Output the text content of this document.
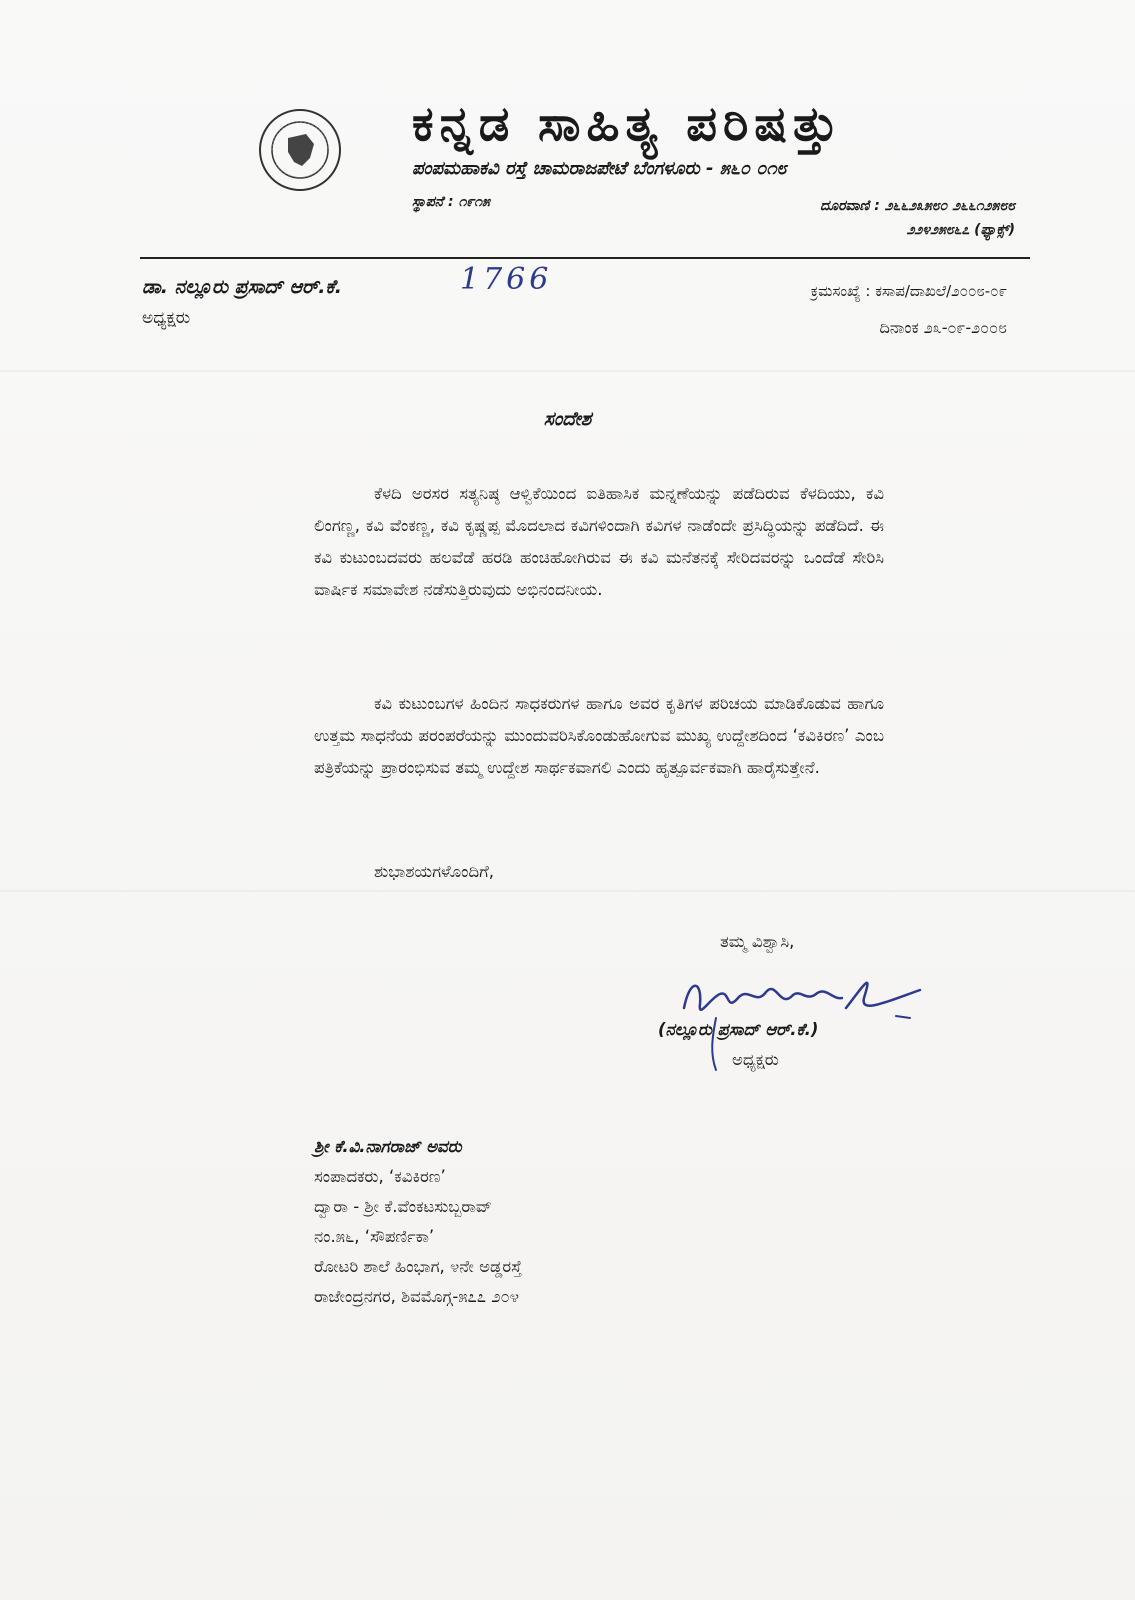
ಕನ್ನಡ ಸಾಹಿತ್ಯ ಪರಿಷತ್ತು
ಪಂಪಮಹಾಕವಿ ರಸ್ತೆ ಚಾಮರಾಜಪೇಟೆ ಬೆಂಗಳೂರು - ೫೬೦ ೦೧೮
ಸ್ಥಾಪನೆ : ೧೯೧೫	ದೂರವಾಣಿ : ೨೬೬೨೩೫೮೦ ೨೬೬೧೨೫೮೮
೨೨೪೨೫೮೬೭ (ಫ್ಯಾಕ್ಸ್)
ಡಾ. ನಲ್ಲೂರು ಪ್ರಸಾದ್ ಆರ್.ಕೆ.
ಅಧ್ಯಕ್ಷರು
1766	ಕ್ರಮಸಂಖ್ಯೆ : ಕಸಾಪ/ದಾಖಲೆ/೨೦೦೮-೦೯
ದಿನಾಂಕ ೨೩-೦೯-೨೦೦೮
ಸಂದೇಶ
ಕೆಳದಿ ಅರಸರ ಸತ್ಯನಿಷ್ಠ ಆಳ್ವಿಕೆಯಿಂದ ಐತಿಹಾಸಿಕ ಮನ್ನಣೆಯನ್ನು ಪಡೆದಿರುವ ಕೆಳದಿಯು, ಕವಿ ಲಿಂಗಣ್ಣ, ಕವಿ ವೆಂಕಣ್ಣ, ಕವಿ ಕೃಷ್ಣಪ್ಪ ಮೊದಲಾದ ಕವಿಗಳಿಂದಾಗಿ ಕವಿಗಳ ನಾಡೆಂದೇ ಪ್ರಸಿದ್ಧಿಯನ್ನು ಪಡೆದಿದೆ. ಈ ಕವಿ ಕುಟುಂಬದವರು ಹಲವೆಡೆ ಹರಡಿ ಹಂಚಿಹೋಗಿರುವ ಈ ಕವಿ ಮನೆತನಕ್ಕೆ ಸೇರಿದವರನ್ನು ಒಂದೆಡೆ ಸೇರಿಸಿ ವಾರ್ಷಿಕ ಸಮಾವೇಶ ನಡೆಸುತ್ತಿರುವುದು ಅಭಿನಂದನೀಯ.
ಕವಿ ಕುಟುಂಬಗಳ ಹಿಂದಿನ ಸಾಧಕರುಗಳ ಹಾಗೂ ಅವರ ಕೃತಿಗಳ ಪರಿಚಯ ಮಾಡಿಕೊಡುವ ಹಾಗೂ ಉತ್ತಮ ಸಾಧನೆಯ ಪರಂಪರೆಯನ್ನು ಮುಂದುವರಿಸಿಕೊಂಡುಹೋಗುವ ಮುಖ್ಯ ಉದ್ದೇಶದಿಂದ ‘ಕವಿಕಿರಣ’ ಎಂಬ ಪತ್ರಿಕೆಯನ್ನು ಪ್ರಾರಂಭಿಸುವ ತಮ್ಮ ಉದ್ದೇಶ ಸಾರ್ಥಕವಾಗಲಿ ಎಂದು ಹೃತ್ಪೂರ್ವಕವಾಗಿ ಹಾರೈಸುತ್ತೇನೆ.
ಶುಭಾಶಯಗಳೊಂದಿಗೆ,
ತಮ್ಮ ವಿಶ್ವಾಸಿ,
(ನಲ್ಲೂರು ಪ್ರಸಾದ್ ಆರ್.ಕೆ.)
ಅಧ್ಯಕ್ಷರು
ಶ್ರೀ ಕೆ.ವಿ.ನಾಗರಾಜ್ ಅವರು
ಸಂಪಾದಕರು, ‘ಕವಿಕಿರಣ’
ದ್ವಾರಾ - ಶ್ರೀ ಕೆ.ವೆಂಕಟಸುಬ್ಬರಾವ್
ನಂ.೫೬, ‘ಸೌಪರ್ಣಿಕಾ’
ರೋಟರಿ ಶಾಲೆ ಹಿಂಭಾಗ, ೪ನೇ ಅಡ್ಡರಸ್ತೆ
ರಾಜೇಂದ್ರನಗರ, ಶಿವಮೊಗ್ಗ-೫೭೭ ೨೦೪
